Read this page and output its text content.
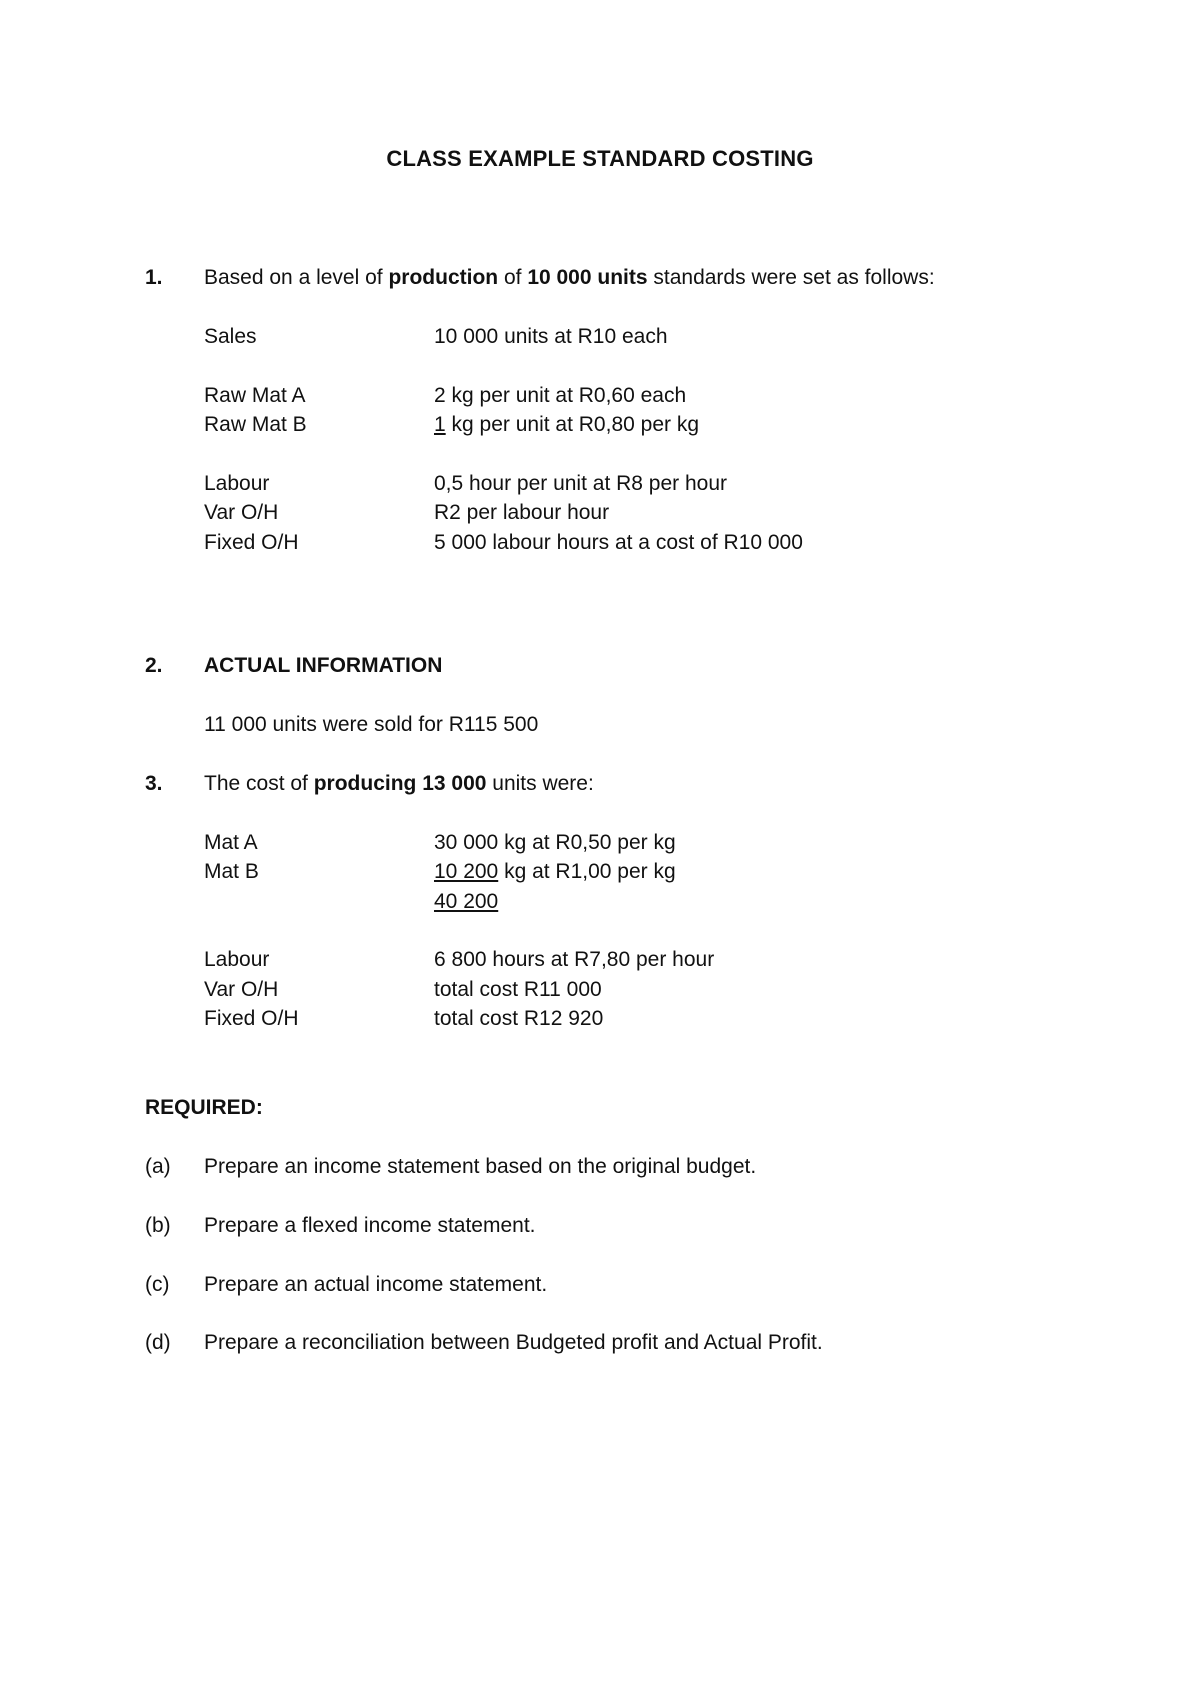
CLASS EXAMPLE STANDARD COSTING
1. Based on a level of production of 10 000 units standards were set as follows:
Sales	10 000 units at R10 each
Raw Mat A	2 kg per unit at R0,60 each
Raw Mat B	1 kg per unit at R0,80 per kg
Labour	0,5 hour per unit at R8 per hour
Var O/H	R2 per labour hour
Fixed O/H	5 000 labour hours at a cost of R10 000
2. ACTUAL INFORMATION
11 000 units were sold for R115 500
3. The cost of producing 13 000 units were:
Mat A	30 000 kg at R0,50 per kg
Mat B	10 200 kg at R1,00 per kg
40 200
Labour	6 800 hours at R7,80 per hour
Var O/H	total cost R11 000
Fixed O/H	total cost R12 920
REQUIRED:
(a) Prepare an income statement based on the original budget.
(b) Prepare a flexed income statement.
(c) Prepare an actual income statement.
(d) Prepare a reconciliation between Budgeted profit and Actual Profit.
